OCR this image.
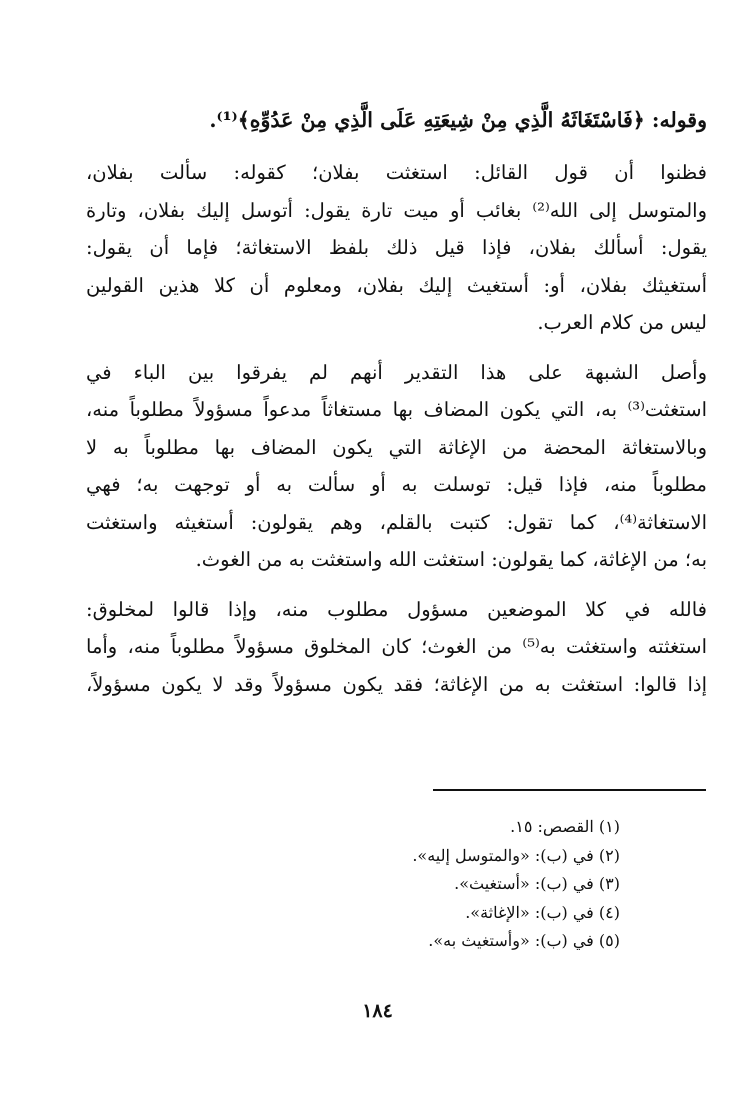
وقوله: ﴿فَاسْتَغَاثَهُ الَّذِي مِنْ شِيعَتِهِ عَلَى الَّذِي مِنْ عَدُوِّهِ﴾⁽¹⁾.
فظنوا أن قول القائل: استغثت بفلان؛ كقوله: سألت بفلان،
والمتوسل إلى الله⁽²⁾ بغائب أو ميت تارة يقول: أتوسل إليك بفلان، وتارة
يقول: أسألك بفلان، فإذا قيل ذلك بلفظ الاستغاثة؛ فإما أن يقول:
أستغيثك بفلان، أو: أستغيث إليك بفلان، ومعلوم أن كلا هذين القولين
ليس من كلام العرب.
وأصل الشبهة على هذا التقدير أنهم لم يفرقوا بين الباء في
استغثت⁽³⁾ به، التي يكون المضاف بها مستغاثاً مدعواً مسؤولاً مطلوباً منه،
وبالاستغاثة المحضة من الإغاثة التي يكون المضاف بها مطلوباً به لا
مطلوباً منه، فإذا قيل: توسلت به أو سألت به أو توجهت به؛ فهي
الاستغاثة⁽⁴⁾، كما تقول: كتبت بالقلم، وهم يقولون: أستغيثه واستغثت
به؛ من الإغاثة، كما يقولون: استغثت الله واستغثت به من الغوث.
فالله في كلا الموضعين مسؤول مطلوب منه، وإذا قالوا لمخلوق:
استغثته واستغثت به⁽⁵⁾ من الغوث؛ كان المخلوق مسؤولاً مطلوباً منه، وأما
إذا قالوا: استغثت به من الإغاثة؛ فقد يكون مسؤولاً وقد لا يكون مسؤولاً،
(١) القصص: ١٥.
(٢) في (ب): «والمتوسل إليه».
(٣) في (ب): «أستغيث».
(٤) في (ب): «الإغاثة».
(٥) في (ب): «وأستغيث به».
١٨٤
